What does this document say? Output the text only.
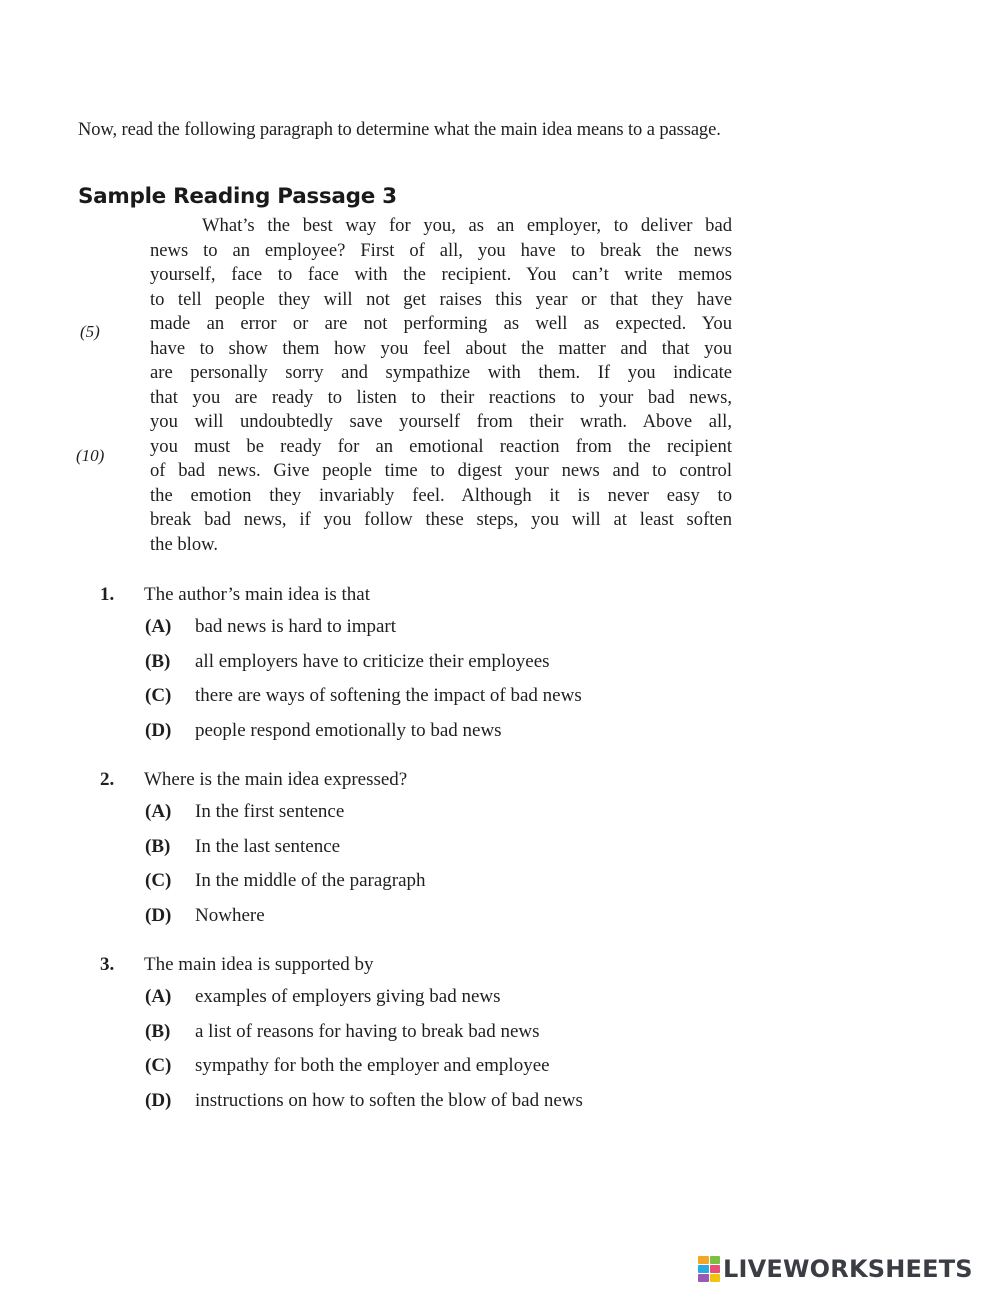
Now, read the following paragraph to determine what the main idea means to a passage.
Sample Reading Passage 3
What’s the best way for you, as an employer, to deliver bad
news to an employee? First of all, you have to break the news
yourself, face to face with the recipient. You can’t write memos
to tell people they will not get raises this year or that they have
made an error or are not performing as well as expected. You
have to show them how you feel about the matter and that you
are personally sorry and sympathize with them. If you indicate
that you are ready to listen to their reactions to your bad news,
you will undoubtedly save yourself from their wrath. Above all,
you must be ready for an emotional reaction from the recipient
of bad news. Give people time to digest your news and to control
the emotion they invariably feel. Although it is never easy to
break bad news, if you follow these steps, you will at least soften
the blow.
(5)
(10)
1. The author’s main idea is that
(A) bad news is hard to impart
(B) all employers have to criticize their employees
(C) there are ways of softening the impact of bad news
(D) people respond emotionally to bad news
2. Where is the main idea expressed?
(A) In the first sentence
(B) In the last sentence
(C) In the middle of the paragraph
(D) Nowhere
3. The main idea is supported by
(A) examples of employers giving bad news
(B) a list of reasons for having to break bad news
(C) sympathy for both the employer and employee
(D) instructions on how to soften the blow of bad news
LIVEWORKSHEETS
